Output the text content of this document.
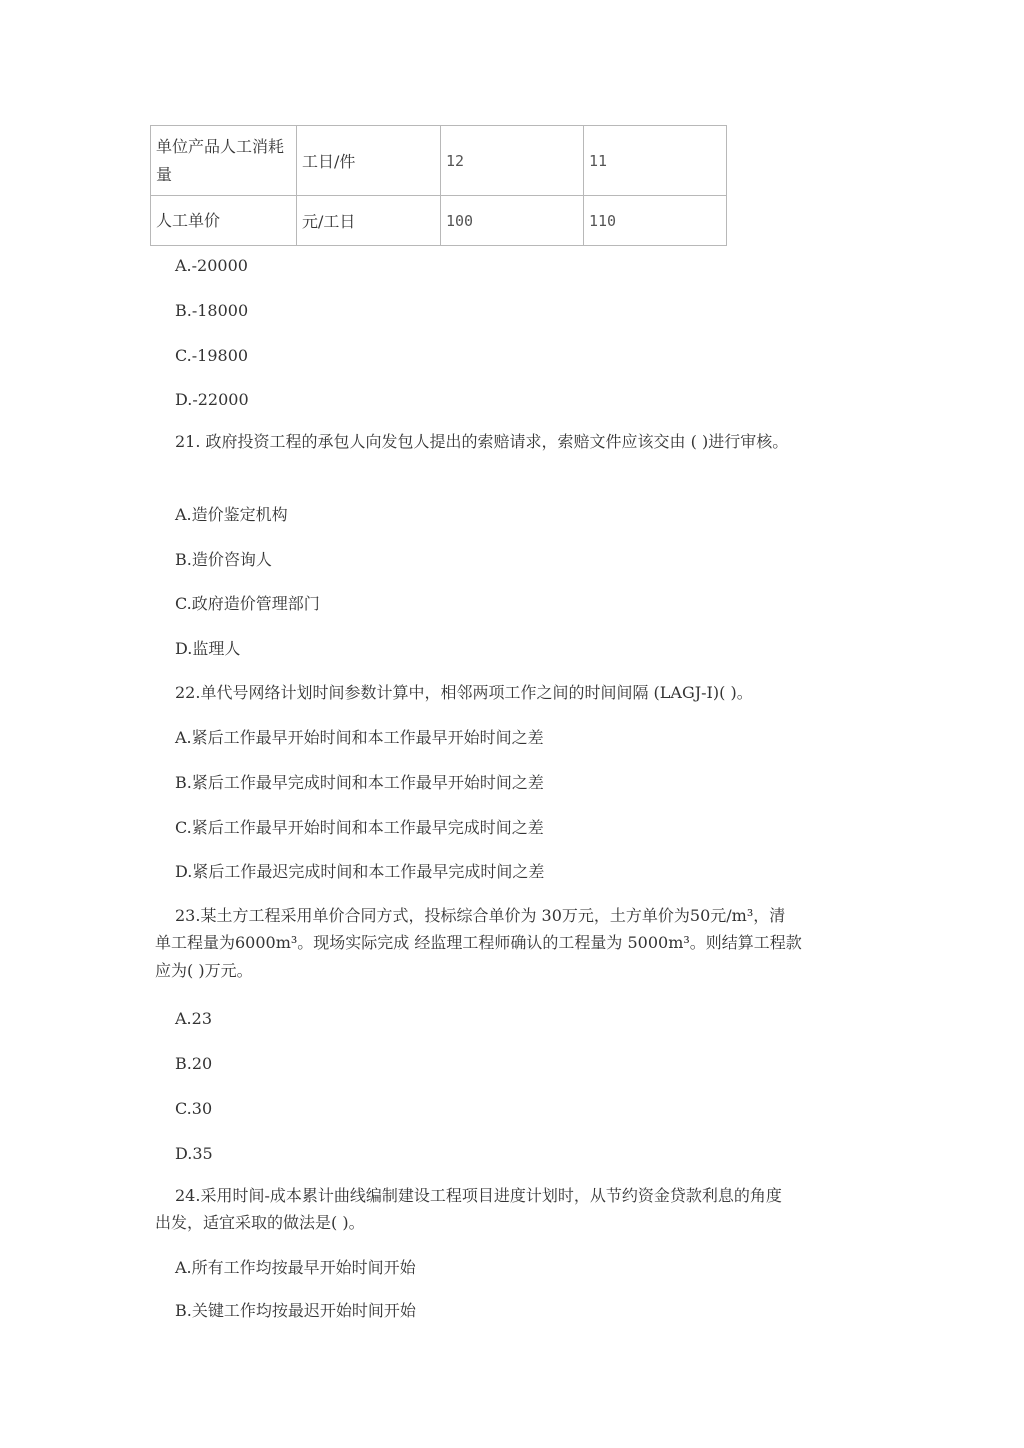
单位产品人工消耗量	工日/件	12	11
人工单价	元/工日	100	110
A.-20000
B.-18000
C.-19800
D.-22000
21. 政府投资工程的承包人向发包人提出的索赔请求，索赔文件应该交由 ( )进行审核。
A.造价鉴定机构
B.造价咨询人
C.政府造价管理部门
D.监理人
22.单代号网络计划时间参数计算中，相邻两项工作之间的时间间隔 (LAGJ-I)( )。
A.紧后工作最早开始时间和本工作最早开始时间之差
B.紧后工作最早完成时间和本工作最早开始时间之差
C.紧后工作最早开始时间和本工作最早完成时间之差
D.紧后工作最迟完成时间和本工作最早完成时间之差
23.某土方工程采用单价合同方式，投标综合单价为 30万元，土方单价为50元/m³，清
单工程量为6000m³。现场实际完成 经监理工程师确认的工程量为 5000m³。则结算工程款
应为( )万元。
A.23
B.20
C.30
D.35
24.采用时间-成本累计曲线编制建设工程项目进度计划时，从节约资金贷款利息的角度
出发，适宜采取的做法是( )。
A.所有工作均按最早开始时间开始
B.关键工作均按最迟开始时间开始
